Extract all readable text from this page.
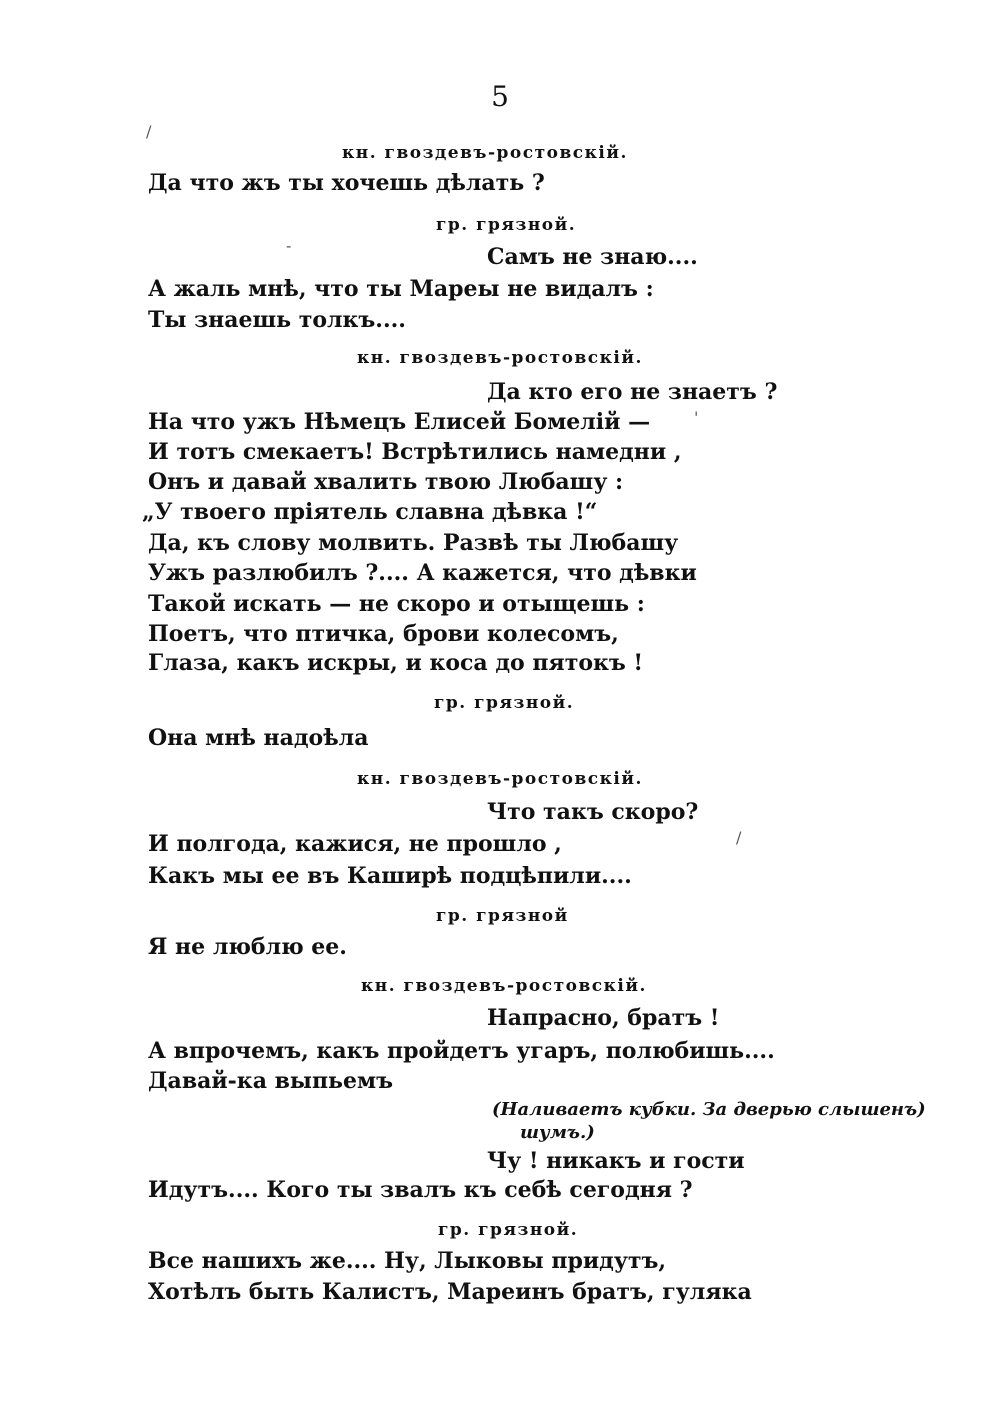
5
кн. гвоздевъ-ростовскій.
Да что жъ ты хочешь дѣлать ?
гр. грязной.
Самъ не знаю....
А жаль мнѣ, что ты Мареы не видалъ :
Ты знаешь толкъ....
кн. гвоздевъ-ростовскій.
Да кто его не знаетъ ?
На что ужъ Нѣмецъ Елисей Бомелій —
И тотъ смекаетъ! Встрѣтились намедни ,
Онъ и давай хвалить твою Любашу :
„У твоего пріятель славна дѣвка !“
Да, къ слову молвить. Развѣ ты Любашу
Ужъ разлюбилъ ?.... А кажется, что дѣвки
Такой искать — не скоро и отыщешь :
Поетъ, что птичка, брови колесомъ,
Глаза, какъ искры, и коса до пятокъ !
гр. грязной.
Она мнѣ надоѣла
кн. гвоздевъ-ростовскій.
Что такъ скоро?
И полгода, кажися, не прошло ,
Какъ мы ее въ Каширѣ подцѣпили....
гр. грязной
Я не люблю ее.
кн. гвоздевъ-ростовскій.
Напрасно, братъ !
А впрочемъ, какъ пройдетъ угаръ, полюбишь....
Давай-ка выпьемъ
(Наливаетъ кубки. За дверью слышенъ)
шумъ.)
Чу ! никакъ и гости
Идутъ.... Кого ты звалъ къ себѣ сегодня ?
гр. грязной.
Все нашихъ же.... Ну, Лыковы придутъ,
Хотѣлъ быть Калистъ, Мареинъ братъ, гуляка
/
-
'
/
